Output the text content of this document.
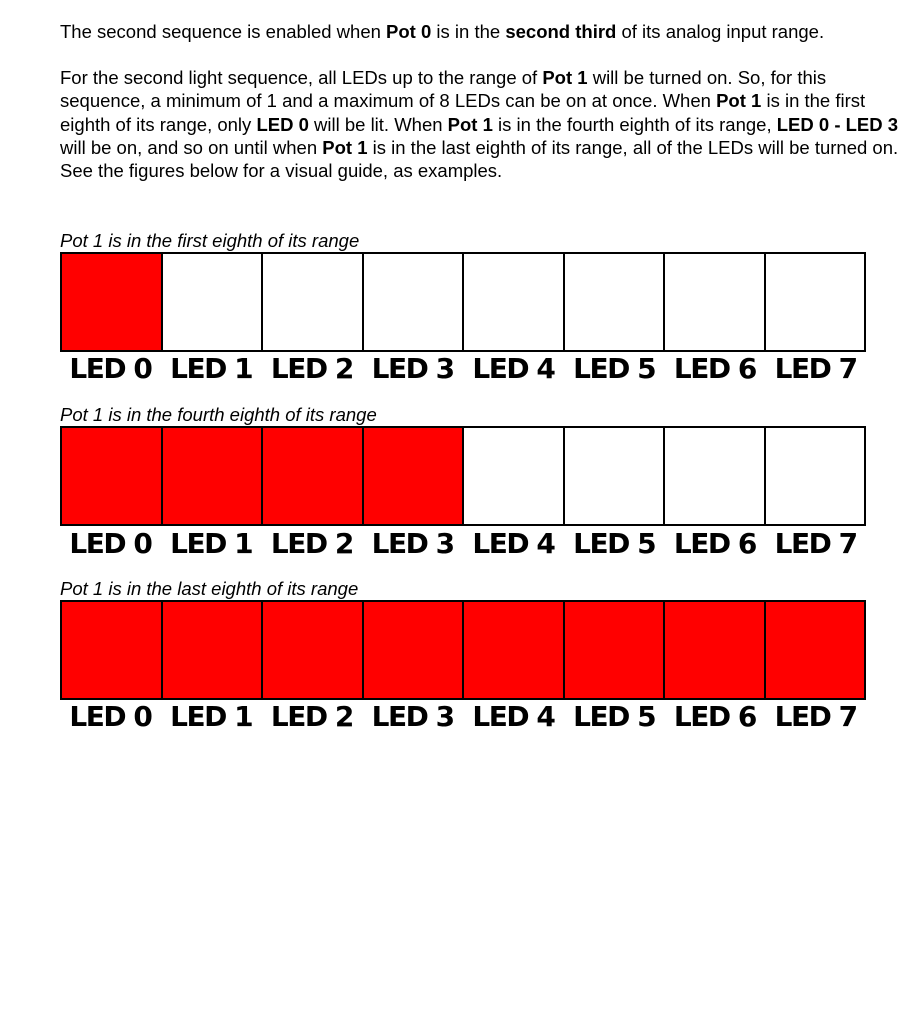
The second sequence is enabled when Pot 0 is in the second third of its analog input range.

For the second light sequence, all LEDs up to the range of Pot 1 will be turned on. So, for this sequence, a minimum of 1 and a maximum of 8 LEDs can be on at once. When Pot 1 is in the first eighth of its range, only LED 0 will be lit. When Pot 1 is in the fourth eighth of its range, LED 0 - LED 3 will be on, and so on until when Pot 1 is in the last eighth of its range, all of the LEDs will be turned on. See the figures below for a visual guide, as examples.

Pot 1 is in the first eighth of its range
LED 0 LED 1 LED 2 LED 3 LED 4 LED 5 LED 6 LED 7
Pot 1 is in the fourth eighth of its range
LED 0 LED 1 LED 2 LED 3 LED 4 LED 5 LED 6 LED 7
Pot 1 is in the last eighth of its range
LED 0 LED 1 LED 2 LED 3 LED 4 LED 5 LED 6 LED 7
